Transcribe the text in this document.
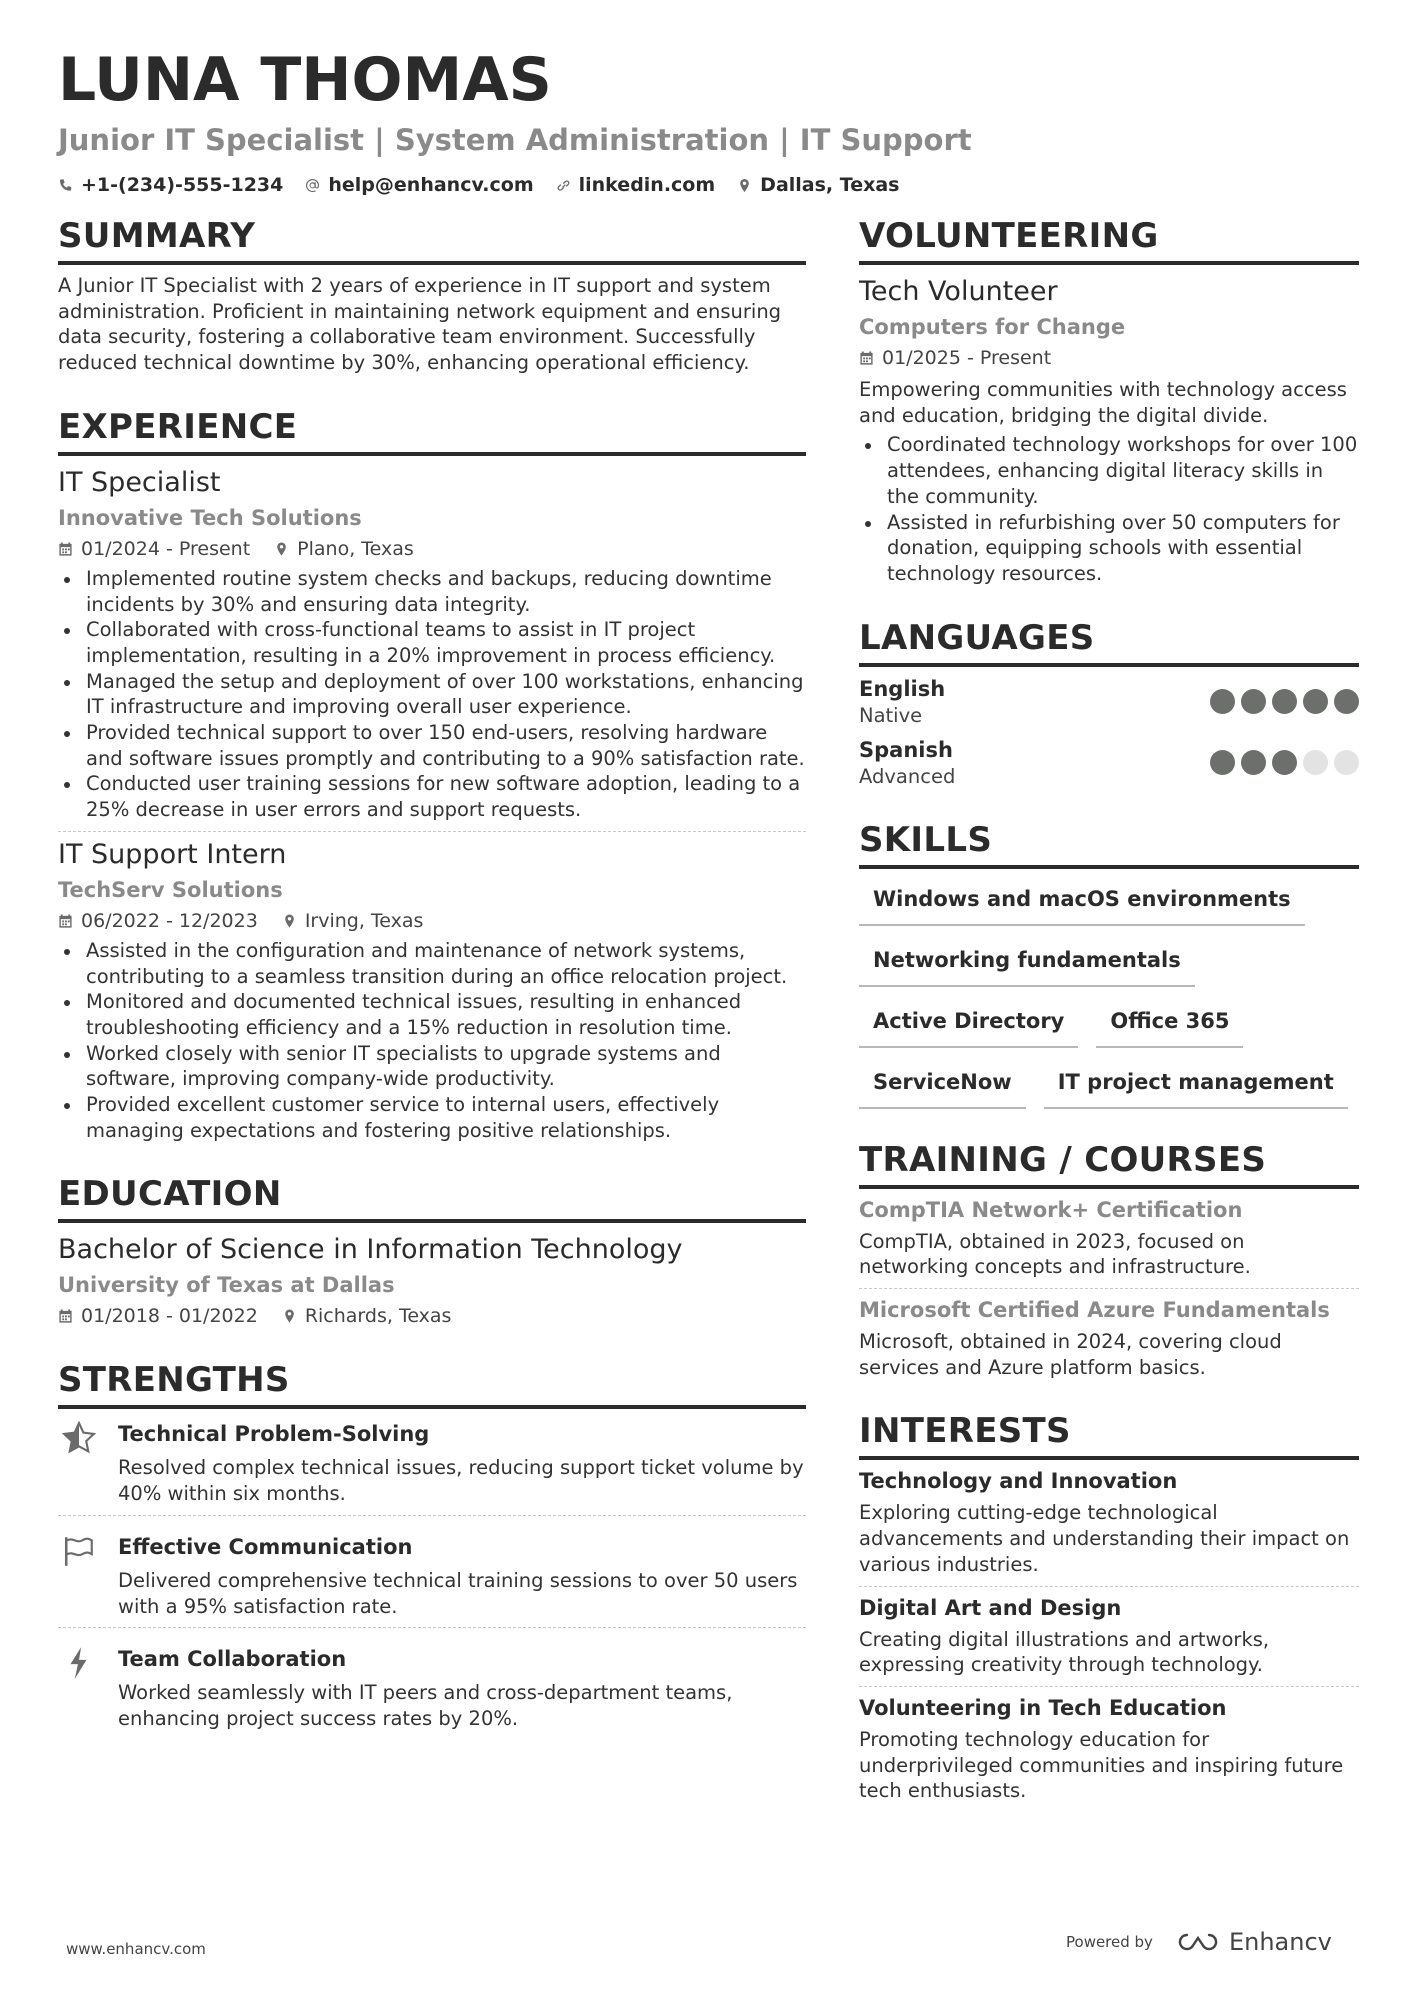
LUNA THOMAS
Junior IT Specialist | System Administration | IT Support
+1-(234)-555-1234 help@enhancv.com linkedin.com Dallas, Texas
SUMMARY
A Junior IT Specialist with 2 years of experience in IT support and system administration. Proficient in maintaining network equipment and ensuring data security, fostering a collaborative team environment. Successfully reduced technical downtime by 30%, enhancing operational efficiency.
EXPERIENCE
IT Specialist
Innovative Tech Solutions
01/2024 - Present Plano, Texas
Implemented routine system checks and backups, reducing downtime incidents by 30% and ensuring data integrity.
Collaborated with cross-functional teams to assist in IT project implementation, resulting in a 20% improvement in process efficiency.
Managed the setup and deployment of over 100 workstations, enhancing IT infrastructure and improving overall user experience.
Provided technical support to over 150 end-users, resolving hardware and software issues promptly and contributing to a 90% satisfaction rate.
Conducted user training sessions for new software adoption, leading to a 25% decrease in user errors and support requests.
IT Support Intern
TechServ Solutions
06/2022 - 12/2023 Irving, Texas
Assisted in the configuration and maintenance of network systems, contributing to a seamless transition during an office relocation project.
Monitored and documented technical issues, resulting in enhanced troubleshooting efficiency and a 15% reduction in resolution time.
Worked closely with senior IT specialists to upgrade systems and software, improving company-wide productivity.
Provided excellent customer service to internal users, effectively managing expectations and fostering positive relationships.
EDUCATION
Bachelor of Science in Information Technology
University of Texas at Dallas
01/2018 - 01/2022 Richards, Texas
STRENGTHS
Technical Problem-Solving
Resolved complex technical issues, reducing support ticket volume by 40% within six months.
Effective Communication
Delivered comprehensive technical training sessions to over 50 users with a 95% satisfaction rate.
Team Collaboration
Worked seamlessly with IT peers and cross-department teams, enhancing project success rates by 20%.
VOLUNTEERING
Tech Volunteer
Computers for Change
01/2025 - Present
Empowering communities with technology access and education, bridging the digital divide.
Coordinated technology workshops for over 100 attendees, enhancing digital literacy skills in the community.
Assisted in refurbishing over 50 computers for donation, equipping schools with essential technology resources.
LANGUAGES
English
Native
Spanish
Advanced
SKILLS
Windows and macOS environments
Networking fundamentals
Active Directory	Office 365
ServiceNow	IT project management
TRAINING / COURSES
CompTIA Network+ Certification
CompTIA, obtained in 2023, focused on networking concepts and infrastructure.
Microsoft Certified Azure Fundamentals
Microsoft, obtained in 2024, covering cloud services and Azure platform basics.
INTERESTS
Technology and Innovation
Exploring cutting-edge technological advancements and understanding their impact on various industries.
Digital Art and Design
Creating digital illustrations and artworks, expressing creativity through technology.
Volunteering in Tech Education
Promoting technology education for underprivileged communities and inspiring future tech enthusiasts.
www.enhancv.com	Powered by	Enhancv
